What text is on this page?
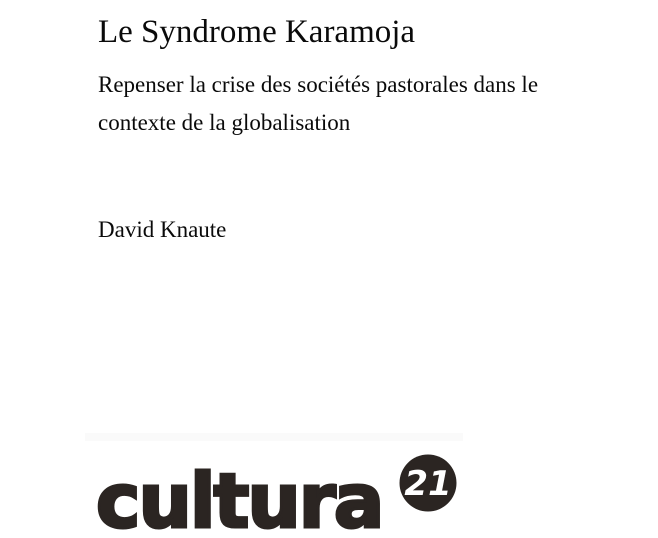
Le Syndrome Karamoja

Repenser la crise des sociétés pastorales dans le
contexte de la globalisation

David Knaute

cultura 21
